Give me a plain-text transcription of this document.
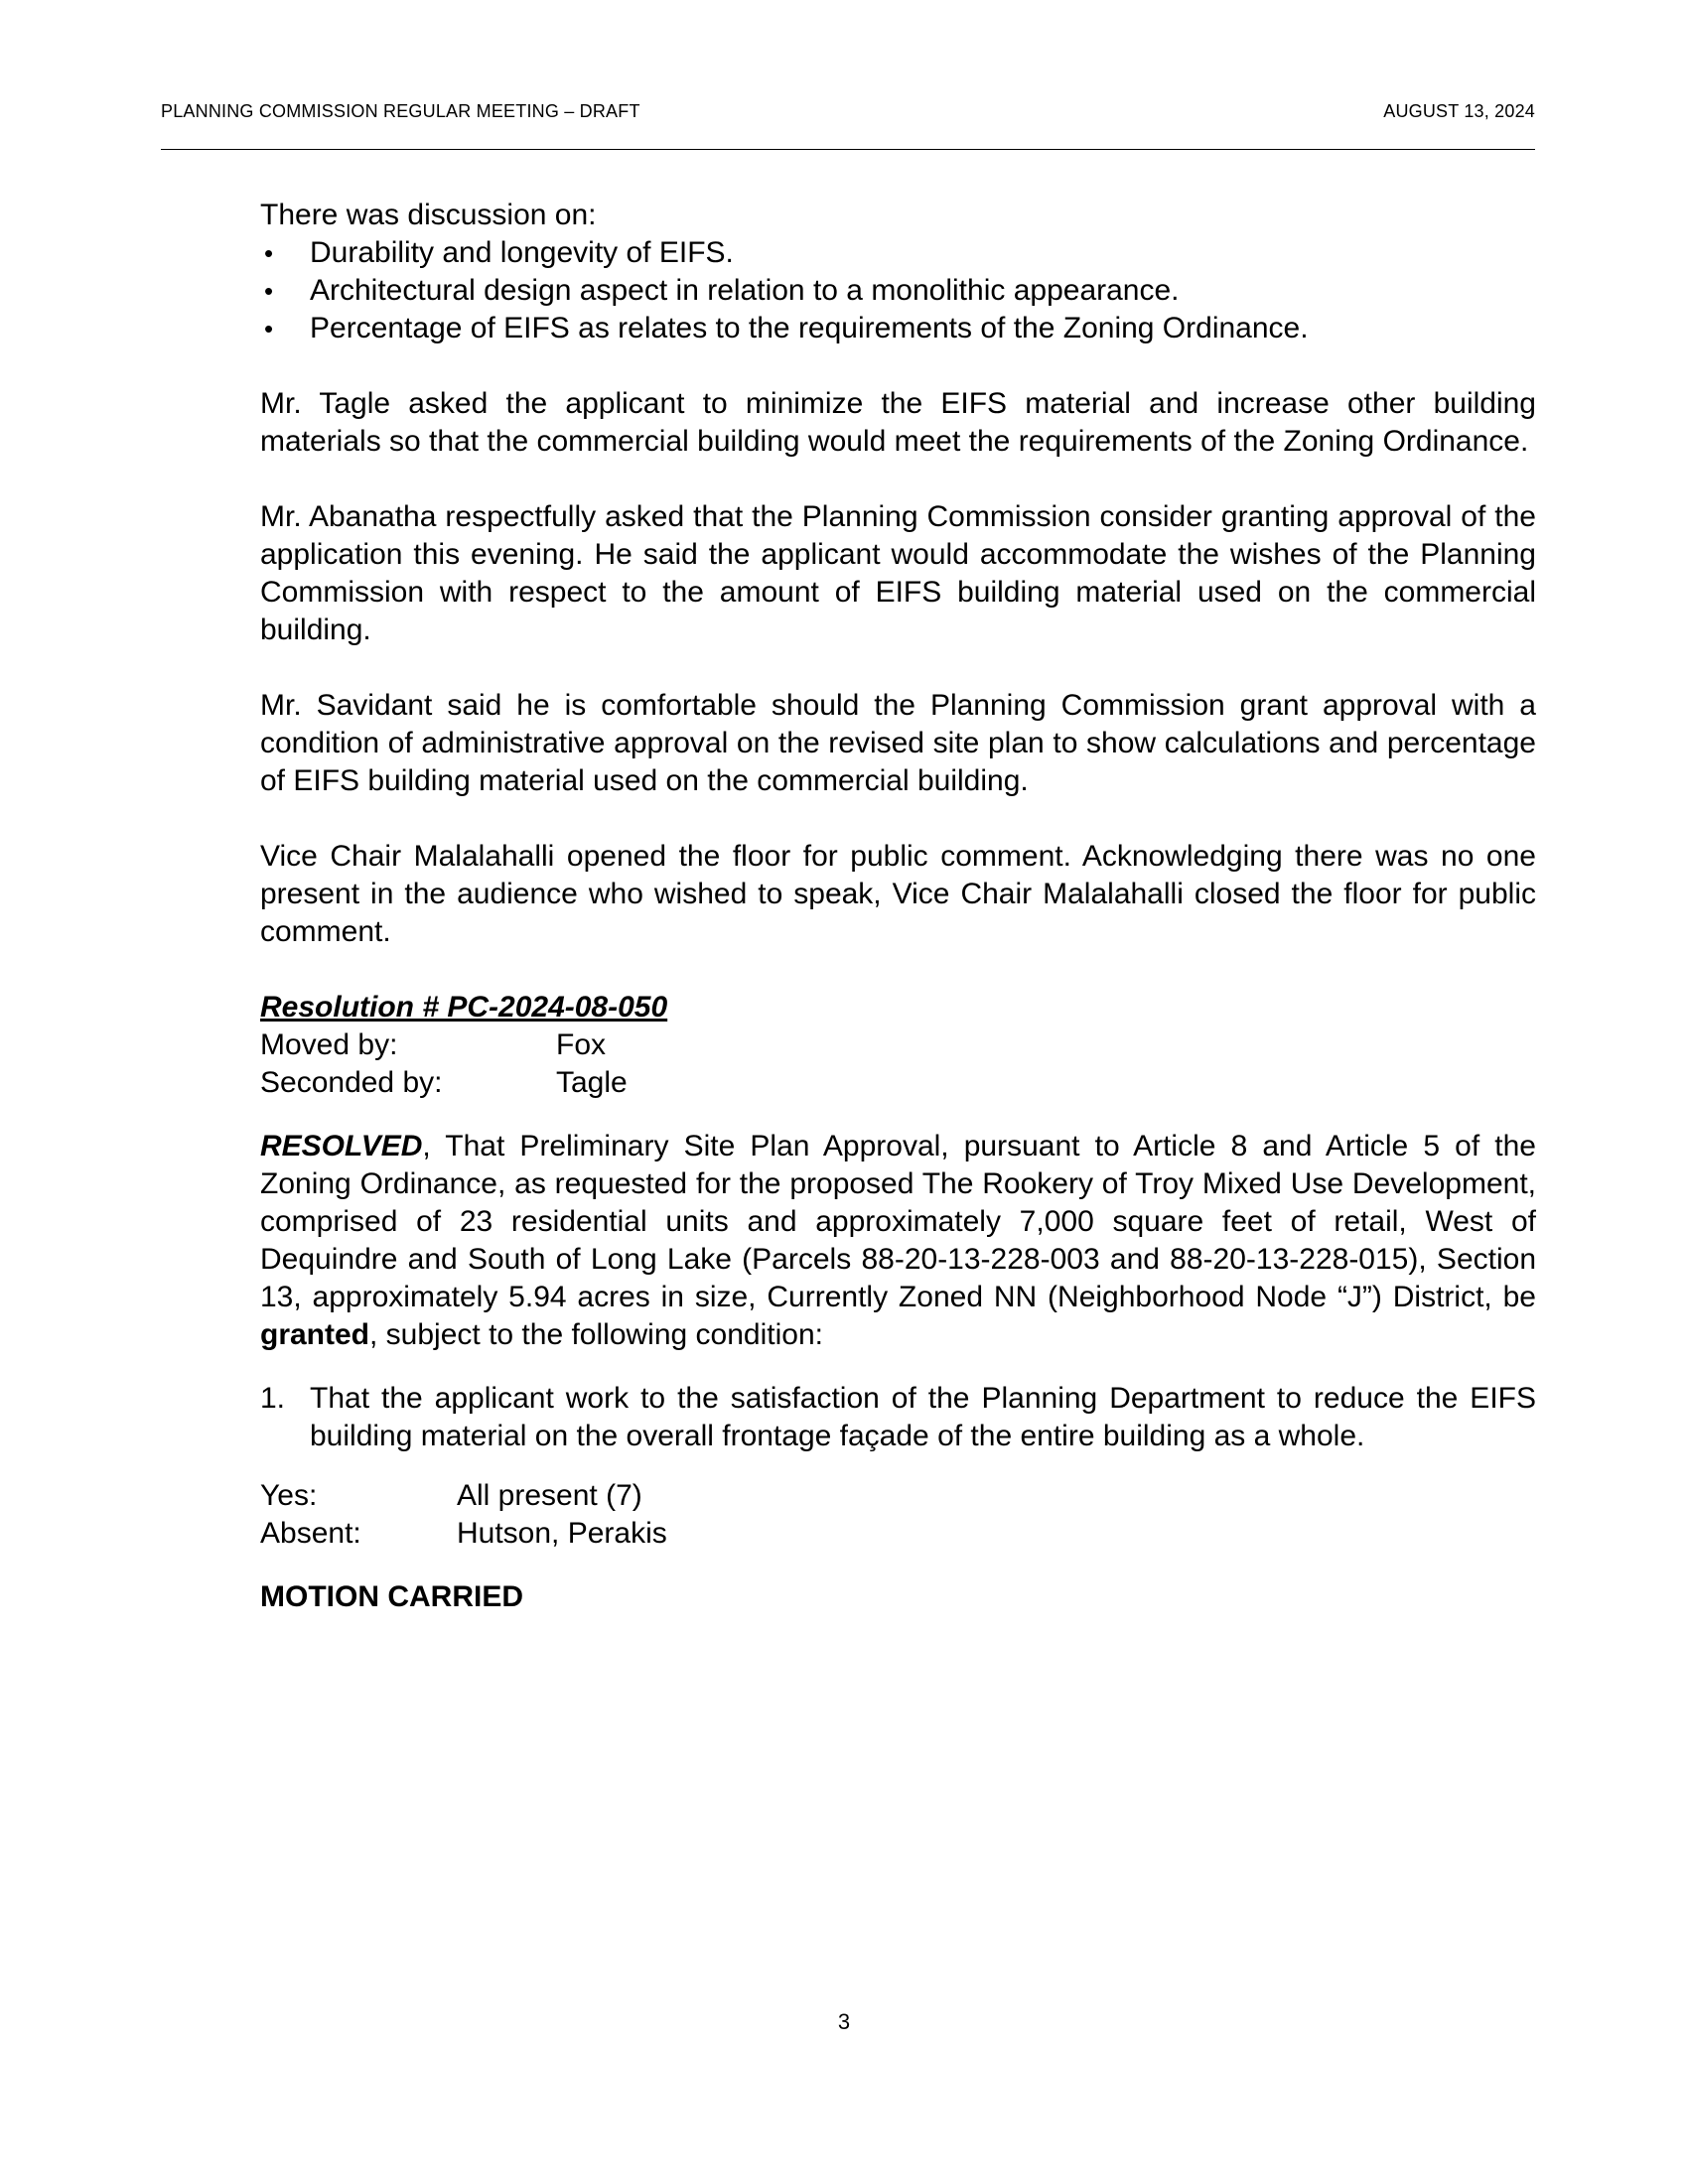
PLANNING COMMISSION REGULAR MEETING – DRAFT	AUGUST 13, 2024

There was discussion on:

• Durability and longevity of EIFS.
• Architectural design aspect in relation to a monolithic appearance.
• Percentage of EIFS as relates to the requirements of the Zoning Ordinance.

Mr. Tagle asked the applicant to minimize the EIFS material and increase other building materials so that the commercial building would meet the requirements of the Zoning Ordinance.

Mr. Abanatha respectfully asked that the Planning Commission consider granting approval of the application this evening. He said the applicant would accommodate the wishes of the Planning Commission with respect to the amount of EIFS building material used on the commercial building.

Mr. Savidant said he is comfortable should the Planning Commission grant approval with a condition of administrative approval on the revised site plan to show calculations and percentage of EIFS building material used on the commercial building.

Vice Chair Malalahalli opened the floor for public comment. Acknowledging there was no one present in the audience who wished to speak, Vice Chair Malalahalli closed the floor for public comment.

Resolution # PC-2024-08-050

Moved by:	Fox
Seconded by:	Tagle

RESOLVED, That Preliminary Site Plan Approval, pursuant to Article 8 and Article 5 of the Zoning Ordinance, as requested for the proposed The Rookery of Troy Mixed Use Development, comprised of 23 residential units and approximately 7,000 square feet of retail, West of Dequindre and South of Long Lake (Parcels 88-20-13-228-003 and 88-20-13-228-015), Section 13, approximately 5.94 acres in size, Currently Zoned NN (Neighborhood Node “J”) District, be granted, subject to the following condition:

1. That the applicant work to the satisfaction of the Planning Department to reduce the EIFS building material on the overall frontage façade of the entire building as a whole.
Yes:	All present (7)
Absent:	Hutson, Perakis

MOTION CARRIED

3
